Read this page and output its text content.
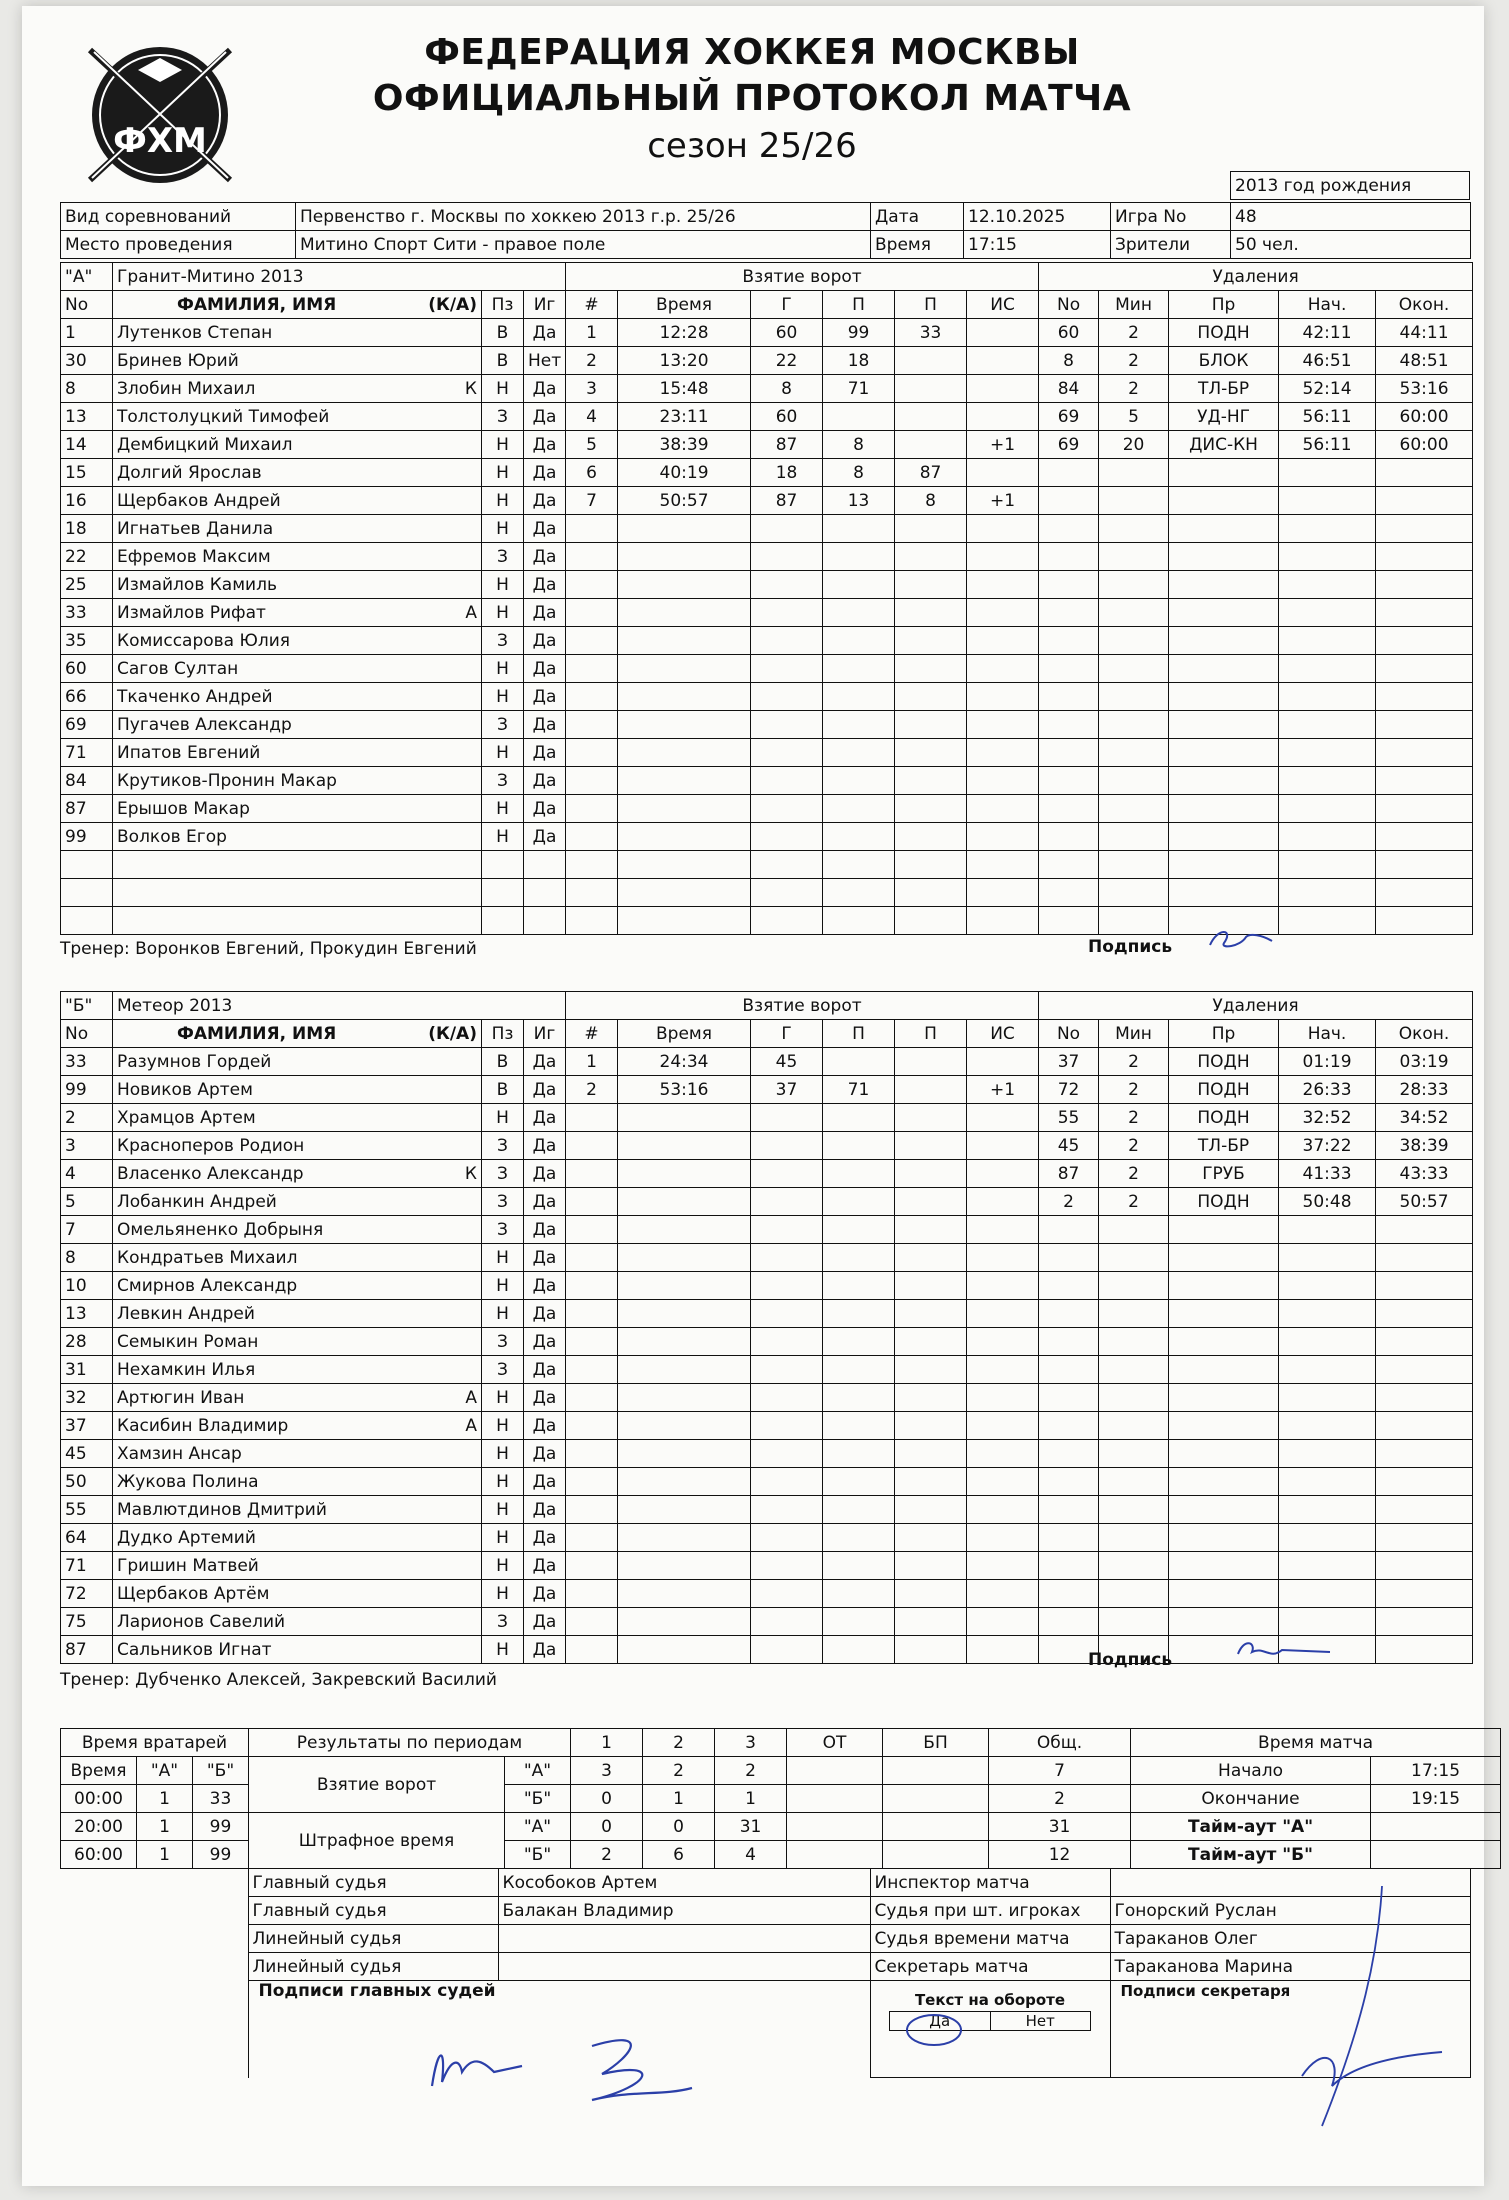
ФХМ
ФЕДЕРАЦИЯ ХОККЕЯ МОСКВЫ
ОФИЦИАЛЬНЫЙ ПРОТОКОЛ МАТЧА
сезон 25/26
2013 год рождения
Вид соревнований	Первенство г. Москвы по хоккею 2013 г.р. 25/26	Дата	12.10.2025	Игра No	48
Место проведения	Митино Спорт Сити - правое поле	Время	17:15	Зрители	50 чел.
"А"	Гранит-Митино 2013			Взятие ворот						Удаления				
No	ФАМИЛИЯ, ИМЯ (К/А)	Пз	Иг	#	Время	Г	П	П	ИС	No	Мин	Пр	Нач.	Окон.
1	Лутенков Степан	В	Да	1	12:28	60	99	33		60	2	ПОДН	42:11	44:11
30	Бринев Юрий	В	Нет	2	13:20	22	18			8	2	БЛОК	46:51	48:51
8	Злобин Михаил К	Н	Да	3	15:48	8	71			84	2	ТЛ-БР	52:14	53:16
13	Толстолуцкий Тимофей	З	Да	4	23:11	60				69	5	УД-НГ	56:11	60:00
14	Дембицкий Михаил	Н	Да	5	38:39	87	8		+1	69	20	ДИС-КН	56:11	60:00
15	Долгий Ярослав	Н	Да	6	40:19	18	8	87						
16	Щербаков Андрей	Н	Да	7	50:57	87	13	8	+1					
18	Игнатьев Данила	Н	Да											
22	Ефремов Максим	З	Да											
25	Измайлов Камиль	Н	Да											
33	Измайлов Рифат А	Н	Да											
35	Комиссарова Юлия	З	Да											
60	Сагов Султан	Н	Да											
66	Ткаченко Андрей	Н	Да											
69	Пугачев Александр	З	Да											
71	Ипатов Евгений	Н	Да											
84	Крутиков-Пронин Макар	З	Да											
87	Ерышов Макар	Н	Да											
99	Волков Егор	Н	Да											

Тренер: Воронков Евгений, Прокудин Евгений	Подпись
"Б"	Метеор 2013			Взятие ворот						Удаления				
No	ФАМИЛИЯ, ИМЯ (К/А)	Пз	Иг	#	Время	Г	П	П	ИС	No	Мин	Пр	Нач.	Окон.
33	Разумнов Гордей	В	Да	1	24:34	45				37	2	ПОДН	01:19	03:19
99	Новиков Артем	В	Да	2	53:16	37	71		+1	72	2	ПОДН	26:33	28:33
2	Храмцов Артем	Н	Да							55	2	ПОДН	32:52	34:52
3	Красноперов Родион	З	Да							45	2	ТЛ-БР	37:22	38:39
4	Власенко Александр К	З	Да							87	2	ГРУБ	41:33	43:33
5	Лобанкин Андрей	З	Да							2	2	ПОДН	50:48	50:57
7	Омельяненко Добрыня	З	Да											
8	Кондратьев Михаил	Н	Да											
10	Смирнов Александр	Н	Да											
13	Левкин Андрей	Н	Да											
28	Семыкин Роман	З	Да											
31	Нехамкин Илья	З	Да											
32	Артюгин Иван А	Н	Да											
37	Касибин Владимир А	Н	Да											
45	Хамзин Ансар	Н	Да											
50	Жукова Полина	Н	Да											
55	Мавлютдинов Дмитрий	Н	Да											
64	Дудко Артемий	Н	Да											
71	Гришин Матвей	Н	Да											
72	Щербаков Артём	Н	Да											
75	Ларионов Савелий	З	Да											
87	Сальников Игнат	Н	Да											
Тренер: Дубченко Алексей, Закревский Василий
Подпись
Время вратарей			Результаты по периодам		1	2	3	ОТ	БП	Общ.	Время матча	
Время	"А"	"Б"	Взятие ворот	"А"	3	2	2			7	Начало	17:15
00:00	1	33		"Б"	0	1	1			2	Окончание	19:15
20:00	1	99	Штрафное время	"А"	0	0	31			31	Тайм-аут "А"	
60:00	1	99		"Б"	2	6	4			12	Тайм-аут "Б"	
	Главный судья	Кособоков Артем	Инспектор матча	
	Главный судья	Балакан Владимир	Судья при шт. игроках	Гонорский Руслан
	Линейный судья		Судья времени матча	Тараканов Олег
	Линейный судья		Секретарь матча	Тараканова Марина
	Подписи главных судей		Текст на обороте
Да Нет	Подписи секретаря
